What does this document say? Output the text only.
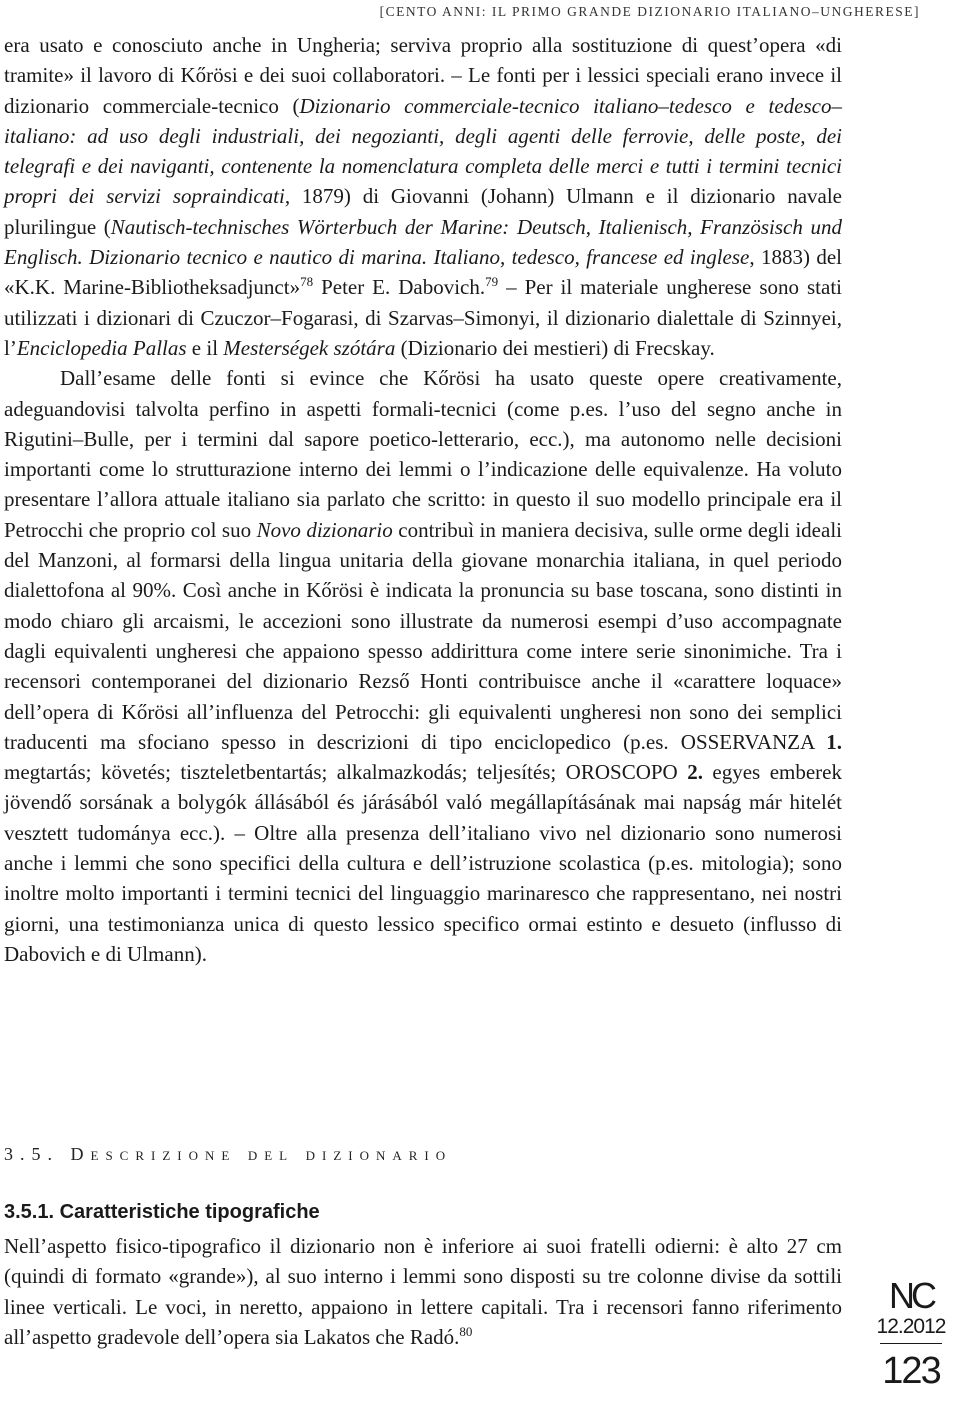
[CENTO ANNI: IL PRIMO GRANDE DIZIONARIO ITALIANO–UNGHERESE]

era usato e conosciuto anche in Ungheria; serviva proprio alla sostituzione di quest’opera «di tramite» il lavoro di Kőrösi e dei suoi collaboratori. – Le fonti per i lessici speciali erano invece il dizionario commerciale-tecnico (Dizionario commerciale-tecnico italiano–tedesco e tedesco–italiano: ad uso degli industriali, dei negozianti, degli agenti delle ferrovie, delle poste, dei telegrafi e dei naviganti, contenente la nomenclatura completa delle merci e tutti i termini tecnici propri dei servizi sopraindicati, 1879) di Giovanni (Johann) Ulmann e il dizionario navale plurilingue (Nautisch-technisches Wörterbuch der Marine: Deutsch, Italienisch, Französisch und Englisch. Dizionario tecnico e nautico di marina. Italiano, tedesco, francese ed inglese, 1883) del «K.K. Marine-Bibliotheksadjunct»$^{78}$ Peter E. Dabovich.$^{79}$ – Per il materiale ungherese sono stati utilizzati i dizionari di Czuczor–Fogarasi, di Szarvas–Simonyi, il dizionario dialettale di Szinnyei, l’Enciclopedia Pallas e il Mesterségek szótára (Dizionario dei mestieri) di Frecskay.

Dall’esame delle fonti si evince che Kőrösi ha usato queste opere creativamente, adeguandovisi talvolta perfino in aspetti formali-tecnici (come p.es. l’uso del segno anche in Rigutini–Bulle, per i termini dal sapore poetico-letterario, ecc.), ma autonomo nelle decisioni importanti come lo strutturazione interno dei lemmi o l’indicazione delle equivalenze. Ha voluto presentare l’allora attuale italiano sia parlato che scritto: in questo il suo modello principale era il Petrocchi che proprio col suo Novo dizionario contribuì in maniera decisiva, sulle orme degli ideali del Manzoni, al formarsi della lingua unitaria della giovane monarchia italiana, in quel periodo dialettofona al 90%. Così anche in Kőrösi è indicata la pronuncia su base toscana, sono distinti in modo chiaro gli arcaismi, le accezioni sono illustrate da numerosi esempi d’uso accompagnate dagli equivalenti ungheresi che appaiono spesso addirittura come intere serie sinonimiche. Tra i recensori contemporanei del dizionario Rezső Honti contribuisce anche il «carattere loquace» dell’opera di Kőrösi all’influenza del Petrocchi: gli equivalenti ungheresi non sono dei semplici traducenti ma sfociano spesso in descrizioni di tipo enciclopedico (p.es. OSSERVANZA 1. megtartás; követés; tiszteletbentartás; alkalmazkodás; teljesítés; OROSCOPO 2. egyes emberek jövendő sorsának a bolygók állásából és járásából való megállapításának mai napság már hitelét vesztett tudománya ecc.). – Oltre alla presenza dell’italiano vivo nel dizionario sono numerosi anche i lemmi che sono specifici della cultura e dell’istruzione scolastica (p.es. mitologia); sono inoltre molto importanti i termini tecnici del linguaggio marinaresco che rappresentano, nei nostri giorni, una testimonianza unica di questo lessico specifico ormai estinto e desueto (influsso di Dabovich e di Ulmann).

3.5. Descrizione del dizionario
3.5.1. Caratteristiche tipografiche

Nell’aspetto fisico-tipografico il dizionario non è inferiore ai suoi fratelli odierni: è alto 27 cm (quindi di formato «grande»), al suo interno i lemmi sono disposti su tre colonne divise da sottili linee verticali. Le voci, in neretto, appaiono in lettere capitali. Tra i recensori fanno riferimento all’aspetto gradevole dell’opera sia Lakatos che Radó.$^{80}$

NC
12.2012
123
